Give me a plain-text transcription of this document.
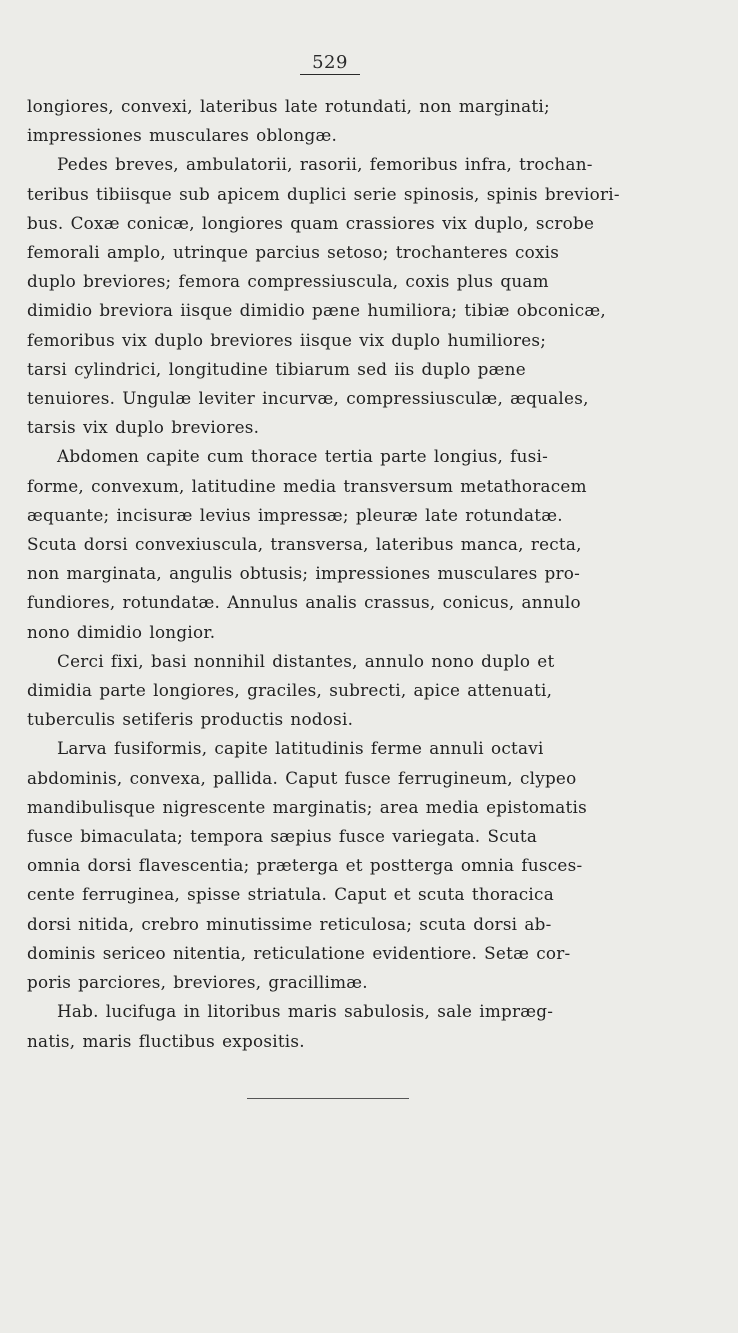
529
longiores, convexi, lateribus late rotundati, non marginati;
impressiones musculares oblongæ.
Pedes breves, ambulatorii, rasorii, femoribus infra, trochan-
teribus tibiisque sub apicem duplici serie spinosis, spinis breviori-
bus. Coxæ conicæ, longiores quam crassiores vix duplo, scrobe
femorali amplo, utrinque parcius setoso; trochanteres coxis
duplo breviores; femora compressiuscula, coxis plus quam
dimidio breviora iisque dimidio pæne humiliora; tibiæ obconicæ,
femoribus vix duplo breviores iisque vix duplo humiliores;
tarsi cylindrici, longitudine tibiarum sed iis duplo pæne
tenuiores. Ungulæ leviter incurvæ, compressiusculæ, æquales,
tarsis vix duplo breviores.
Abdomen capite cum thorace tertia parte longius, fusi-
forme, convexum, latitudine media transversum metathoracem
æquante; incisuræ levius impressæ; pleuræ late rotundatæ.
Scuta dorsi convexiuscula, transversa, lateribus manca, recta,
non marginata, angulis obtusis; impressiones musculares pro-
fundiores, rotundatæ. Annulus analis crassus, conicus, annulo
nono dimidio longior.
Cerci fixi, basi nonnihil distantes, annulo nono duplo et
dimidia parte longiores, graciles, subrecti, apice attenuati,
tuberculis setiferis productis nodosi.
Larva fusiformis, capite latitudinis ferme annuli octavi
abdominis, convexa, pallida. Caput fusce ferrugineum, clypeo
mandibulisque nigrescente marginatis; area media epistomatis
fusce bimaculata; tempora sæpius fusce variegata. Scuta
omnia dorsi flavescentia; præterga et postterga omnia fusces-
cente ferruginea, spisse striatula. Caput et scuta thoracica
dorsi nitida, crebro minutissime reticulosa; scuta dorsi ab-
dominis sericeo nitentia, reticulatione evidentiore. Setæ cor-
poris parciores, breviores, gracillimæ.
Hab. lucifuga in litoribus maris sabulosis, sale impræg-
natis, maris fluctibus expositis.
